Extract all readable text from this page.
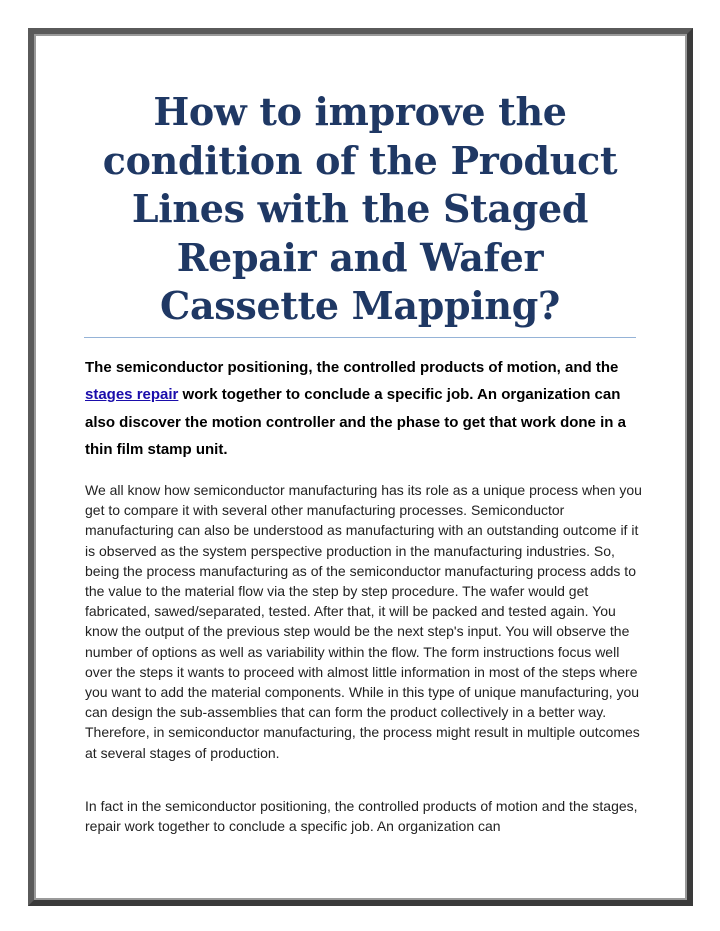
How to improve the condition of the Product Lines with the Staged Repair and Wafer Cassette Mapping?

The semiconductor positioning, the controlled products of motion, and the stages repair work together to conclude a specific job. An organization can also discover the motion controller and the phase to get that work done in a thin film stamp unit.

We all know how semiconductor manufacturing has its role as a unique process when you get to compare it with several other manufacturing processes. Semiconductor manufacturing can also be understood as manufacturing with an outstanding outcome if it is observed as the system perspective production in the manufacturing industries. So, being the process manufacturing as of the semiconductor manufacturing process adds to the value to the material flow via the step by step procedure. The wafer would get fabricated, sawed/separated, tested. After that, it will be packed and tested again. You know the output of the previous step would be the next step's input. You will observe the number of options as well as variability within the flow. The form instructions focus well over the steps it wants to proceed with almost little information in most of the steps where you want to add the material components. While in this type of unique manufacturing, you can design the sub-assemblies that can form the product collectively in a better way. Therefore, in semiconductor manufacturing, the process might result in multiple outcomes at several stages of production.

In fact in the semiconductor positioning, the controlled products of motion and the stages, repair work together to conclude a specific job. An organization can
